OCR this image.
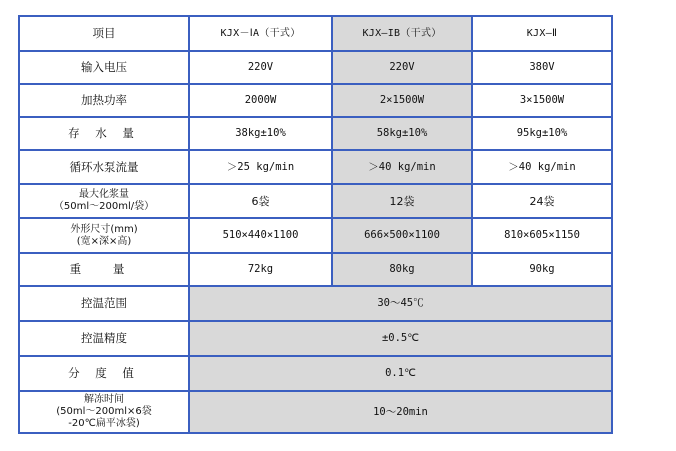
项目	KJX－ⅠA（干式）	KJX—IB（干式）	KJX—Ⅱ
输入电压	220V	220V	380V
加热功率	2000W	2×1500W	3×1500W
存 水 量	38kg±10%	58kg±10%	95kg±10%
循环水泵流量	＞25 kg/min	＞40 kg/min	＞40 kg/min

最大化浆量
（50ml～200ml/袋）	6袋	12袋	24袋

外形尺寸(mm)
(宽×深×高)	510×440×1100	666×500×1100	810×605×1150
重 量	72kg	80kg	90kg
控温范围	30～45℃		
控温精度	±0.5℃		
分 度 值	0.1℃		

解冻时间
(50ml～200ml×6袋
-20℃扁平冰袋)	10～20min		
